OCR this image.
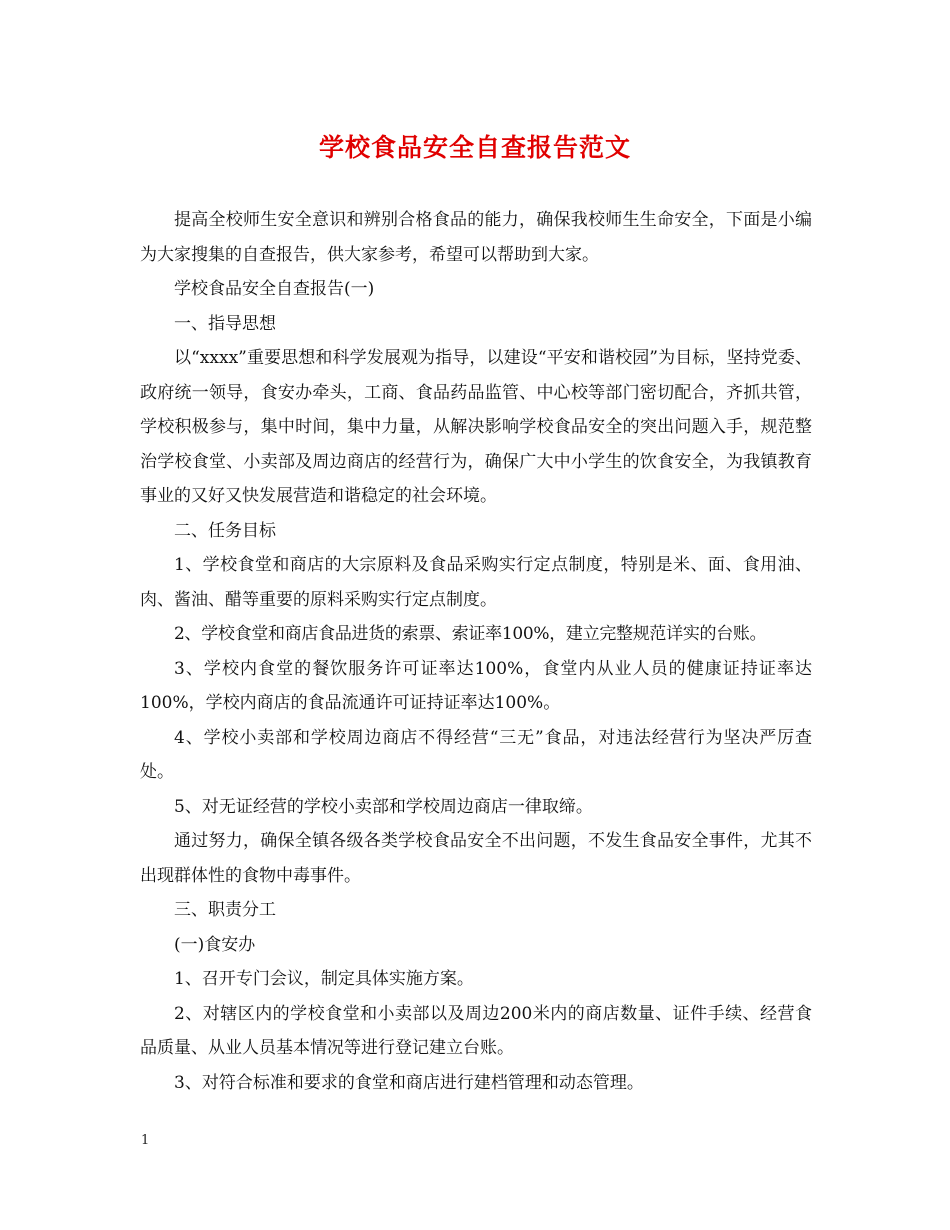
学校食品安全自查报告范文

提高全校师生安全意识和辨别合格食品的能力，确保我校师生生命安全，下面是小编为大家搜集的自查报告，供大家参考，希望可以帮助到大家。

学校食品安全自查报告(一)

一、指导思想

以“xxxx”重要思想和科学发展观为指导，以建设“平安和谐校园”为目标，坚持党委、政府统一领导，食安办牵头，工商、食品药品监管、中心校等部门密切配合，齐抓共管，学校积极参与，集中时间，集中力量，从解决影响学校食品安全的突出问题入手，规范整治学校食堂、小卖部及周边商店的经营行为，确保广大中小学生的饮食安全，为我镇教育事业的又好又快发展营造和谐稳定的社会环境。

二、任务目标

1、学校食堂和商店的大宗原料及食品采购实行定点制度，特别是米、面、食用油、肉、酱油、醋等重要的原料采购实行定点制度。

2、学校食堂和商店食品进货的索票、索证率100%，建立完整规范详实的台账。

3、学校内食堂的餐饮服务许可证率达100%，食堂内从业人员的健康证持证率达100%，学校内商店的食品流通许可证持证率达100%。

4、学校小卖部和学校周边商店不得经营“三无”食品，对违法经营行为坚决严厉查处。

5、对无证经营的学校小卖部和学校周边商店一律取缔。

通过努力，确保全镇各级各类学校食品安全不出问题，不发生食品安全事件，尤其不出现群体性的食物中毒事件。

三、职责分工

(一)食安办

1、召开专门会议，制定具体实施方案。

2、对辖区内的学校食堂和小卖部以及周边200米内的商店数量、证件手续、经营食品质量、从业人员基本情况等进行登记建立台账。

3、对符合标准和要求的食堂和商店进行建档管理和动态管理。

1
